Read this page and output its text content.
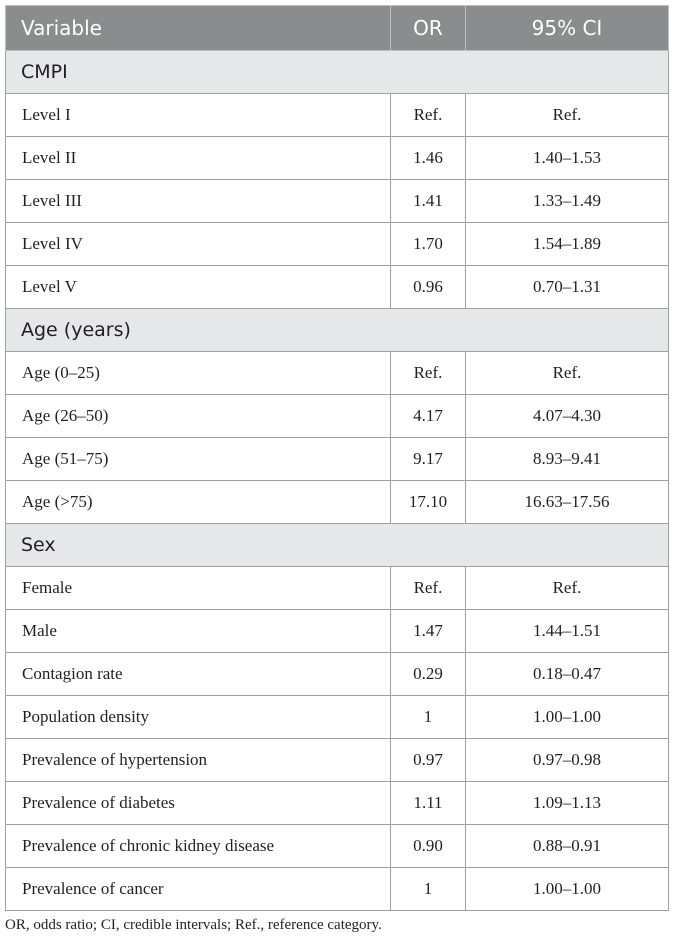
Variable	OR	95% CI
CMPI		
Level I	Ref.	Ref.
Level II	1.46	1.40–1.53
Level III	1.41	1.33–1.49
Level IV	1.70	1.54–1.89
Level V	0.96	0.70–1.31
Age (years)		
Age (0–25)	Ref.	Ref.
Age (26–50)	4.17	4.07–4.30
Age (51–75)	9.17	8.93–9.41
Age (>75)	17.10	16.63–17.56
Sex		
Female	Ref.	Ref.
Male	1.47	1.44–1.51
Contagion rate	0.29	0.18–0.47
Population density	1	1.00–1.00
Prevalence of hypertension	0.97	0.97–0.98
Prevalence of diabetes	1.11	1.09–1.13
Prevalence of chronic kidney disease	0.90	0.88–0.91
Prevalence of cancer	1	1.00–1.00
OR, odds ratio; CI, credible intervals; Ref., reference category.
